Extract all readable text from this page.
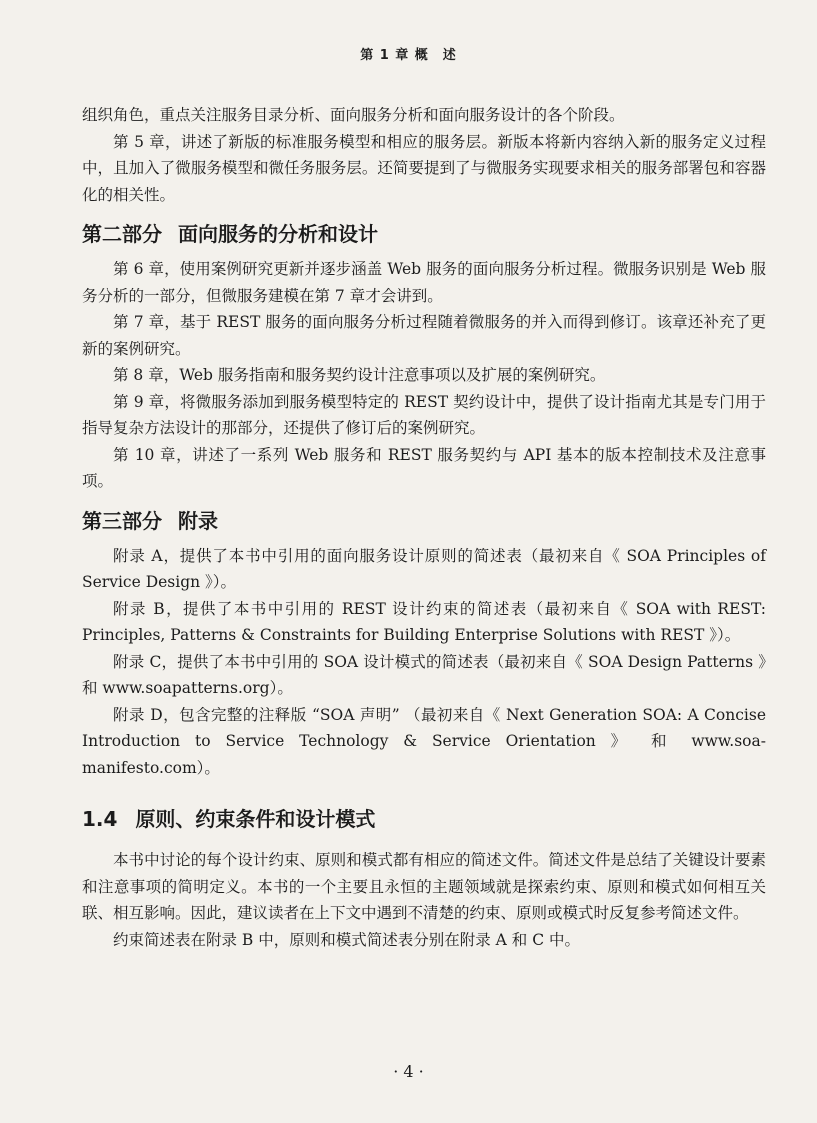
第 1 章 概　述

组织角色，重点关注服务目录分析、面向服务分析和面向服务设计的各个阶段。

第 5 章，讲述了新版的标准服务模型和相应的服务层。新版本将新内容纳入新的服务定义过程中，且加入了微服务模型和微任务服务层。还简要提到了与微服务实现要求相关的服务部署包和容器化的相关性。

第二部分 面向服务的分析和设计

第 6 章，使用案例研究更新并逐步涵盖 Web 服务的面向服务分析过程。微服务识别是 Web 服务分析的一部分，但微服务建模在第 7 章才会讲到。

第 7 章，基于 REST 服务的面向服务分析过程随着微服务的并入而得到修订。该章还补充了更新的案例研究。

第 8 章，Web 服务指南和服务契约设计注意事项以及扩展的案例研究。

第 9 章，将微服务添加到服务模型特定的 REST 契约设计中，提供了设计指南尤其是专门用于指导复杂方法设计的那部分，还提供了修订后的案例研究。

第 10 章，讲述了一系列 Web 服务和 REST 服务契约与 API 基本的版本控制技术及注意事项。

第三部分 附录

附录 A，提供了本书中引用的面向服务设计原则的简述表（最初来自《 SOA Principles of Service Design 》）。

附录 B，提供了本书中引用的 REST 设计约束的简述表（最初来自《 SOA with REST: Principles, Patterns & Constraints for Building Enterprise Solutions with REST 》）。

附录 C，提供了本书中引用的 SOA 设计模式的简述表（最初来自《 SOA Design Patterns 》和 www.soapatterns.org）。

附录 D，包含完整的注释版 “SOA 声明” （最初来自《 Next Generation SOA: A Concise Introduction to Service Technology & Service Orientation 》 和 www.soa-manifesto.com）。

1.4 原则、约束条件和设计模式

本书中讨论的每个设计约束、原则和模式都有相应的简述文件。简述文件是总结了关键设计要素和注意事项的简明定义。本书的一个主要且永恒的主题领域就是探索约束、原则和模式如何相互关联、相互影响。因此，建议读者在上下文中遇到不清楚的约束、原则或模式时反复参考简述文件。

约束简述表在附录 B 中，原则和模式简述表分别在附录 A 和 C 中。

· 4 ·
